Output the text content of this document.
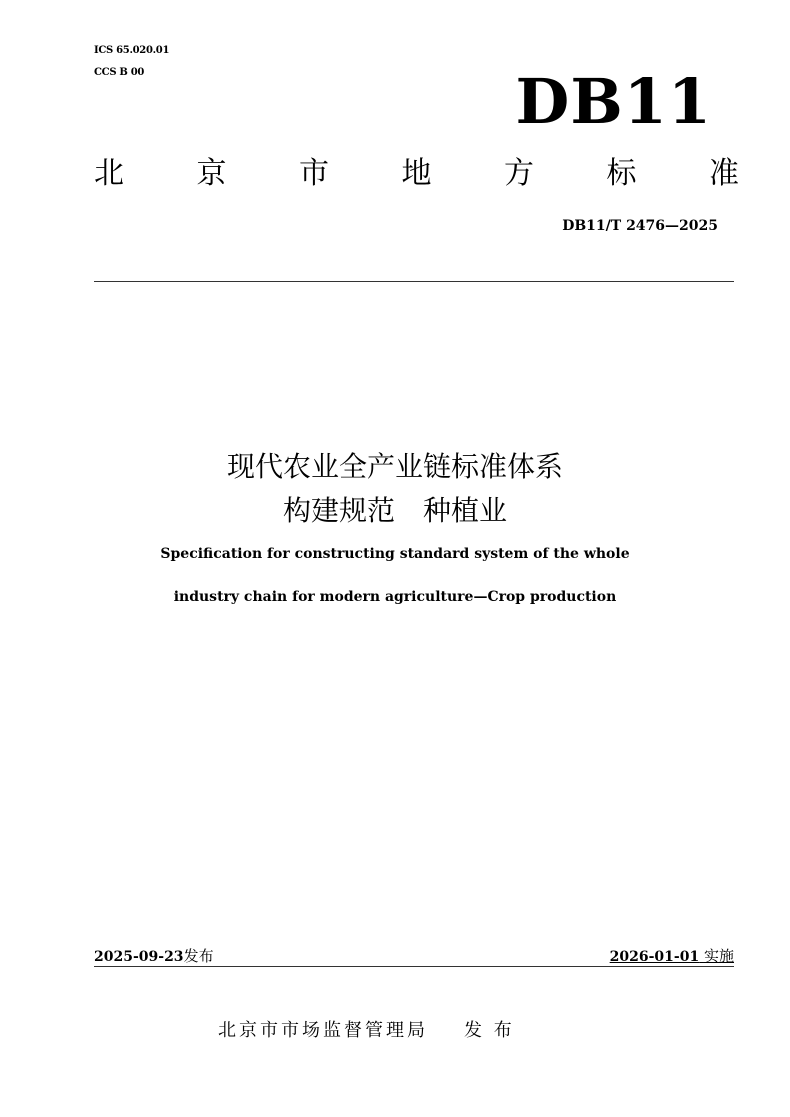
ICS 65.020.01
CCS B 00	DB11
北 京 市 地 方 标 准
DB11/T 2476—2025
现代农业全产业链标准体系
构建规范　种植业
Specification for constructing standard system of the whole
industry chain for modern agriculture—Crop production
2025-09-23发布	2026-01-01 实施
北京市市场监督管理局 发 布
